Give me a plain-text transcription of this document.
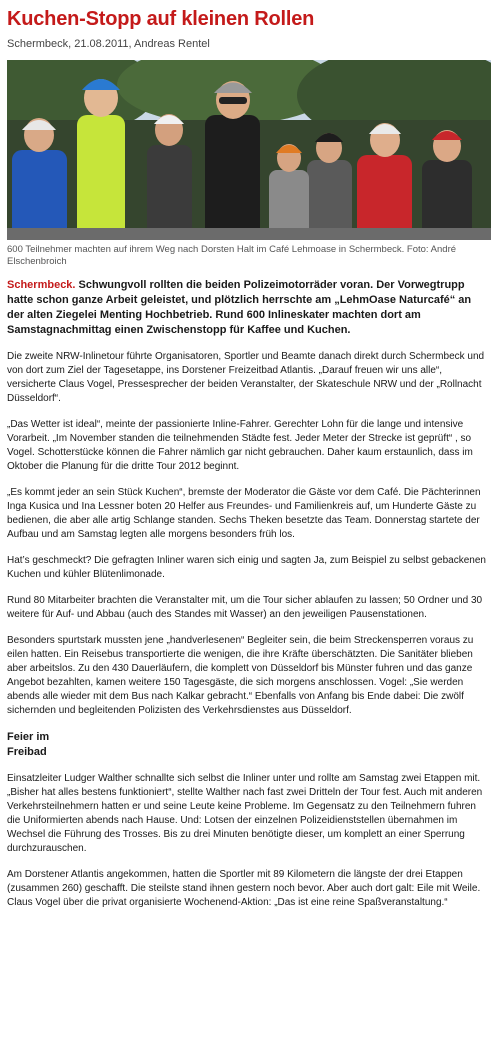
Kuchen-Stopp auf kleinen Rollen
Schermbeck, 21.08.2011, Andreas Rentel
600 Teilnehmer machten auf ihrem Weg nach Dorsten Halt im Café Lehmoase in Schermbeck. Foto: André Elschenbroich

Schermbeck. Schwungvoll rollten die beiden Polizeimotorräder voran. Der Vorwegtrupp hatte schon ganze Arbeit geleistet, und plötzlich herrschte am „LehmOase Naturcafé“ an der alten Ziegelei Menting Hochbetrieb. Rund 600 Inlineskater machten dort am Samstagnachmittag einen Zwischenstopp für Kaffee und Kuchen.

Die zweite NRW-Inlinetour führte Organisatoren, Sportler und Beamte danach direkt durch Schermbeck und von dort zum Ziel der Tagesetappe, ins Dorstener Freizeitbad Atlantis. „Darauf freuen wir uns alle“, versicherte Claus Vogel, Pressesprecher der beiden Veranstalter, der Skateschule NRW und der „Rollnacht Düsseldorf“.

„Das Wetter ist ideal“, meinte der passionierte Inline-Fahrer. Gerechter Lohn für die lange und intensive Vorarbeit. „Im November standen die teilnehmenden Städte fest. Jeder Meter der Strecke ist geprüft“ , so Vogel. Schotterstücke können die Fahrer nämlich gar nicht gebrauchen. Daher kaum erstaunlich, dass im Oktober die Planung für die dritte Tour 2012 beginnt.

„Es kommt jeder an sein Stück Kuchen“, bremste der Moderator die Gäste vor dem Café. Die Pächterinnen Inga Kusica und Ina Lessner boten 20 Helfer aus Freundes- und Familienkreis auf, um Hunderte Gäste zu bedienen, die aber alle artig Schlange standen. Sechs Theken besetzte das Team. Donnerstag startete der Aufbau und am Samstag legten alle morgens besonders früh los.

Hat’s geschmeckt? Die gefragten Inliner waren sich einig und sagten Ja, zum Beispiel zu selbst gebackenen Kuchen und kühler Blütenlimonade.

Rund 80 Mitarbeiter brachten die Veranstalter mit, um die Tour sicher ablaufen zu lassen; 50 Ordner und 30 weitere für Auf- und Abbau (auch des Standes mit Wasser) an den jeweiligen Pausenstationen.

Besonders spurtstark mussten jene „handverlesenen“ Begleiter sein, die beim Streckensperren voraus zu eilen hatten. Ein Reisebus transportierte die wenigen, die ihre Kräfte überschätzten. Die Sanitäter blieben aber arbeitslos. Zu den 430 Dauerläufern, die komplett von Düsseldorf bis Münster fuhren und das ganze Angebot bezahlten, kamen weitere 150 Tagesgäste, die sich morgens anschlossen. Vogel: „Sie werden abends alle wieder mit dem Bus nach Kalkar gebracht.“ Ebenfalls von Anfang bis Ende dabei: Die zwölf sichernden und begleitenden Polizisten des Verkehrsdienstes aus Düsseldorf.

Feier im Freibad

Einsatzleiter Ludger Walther schnallte sich selbst die Inliner unter und rollte am Samstag zwei Etappen mit. „Bisher hat alles bestens funktioniert“, stellte Walther nach fast zwei Dritteln der Tour fest. Auch mit anderen Verkehrsteilnehmern hatten er und seine Leute keine Probleme. Im Gegensatz zu den Teilnehmern fuhren die Uniformierten abends nach Hause. Und: Lotsen der einzelnen Polizeidienststellen übernahmen im Wechsel die Führung des Trosses. Bis zu drei Minuten benötigte dieser, um komplett an einer Sperrung durchzurauschen.

Am Dorstener Atlantis angekommen, hatten die Sportler mit 89 Kilometern die längste der drei Etappen (zusammen 260) geschafft. Die steilste stand ihnen gestern noch bevor. Aber auch dort galt: Eile mit Weile. Claus Vogel über die privat organisierte Wochenend-Aktion: „Das ist eine reine Spaßveranstaltung.“
